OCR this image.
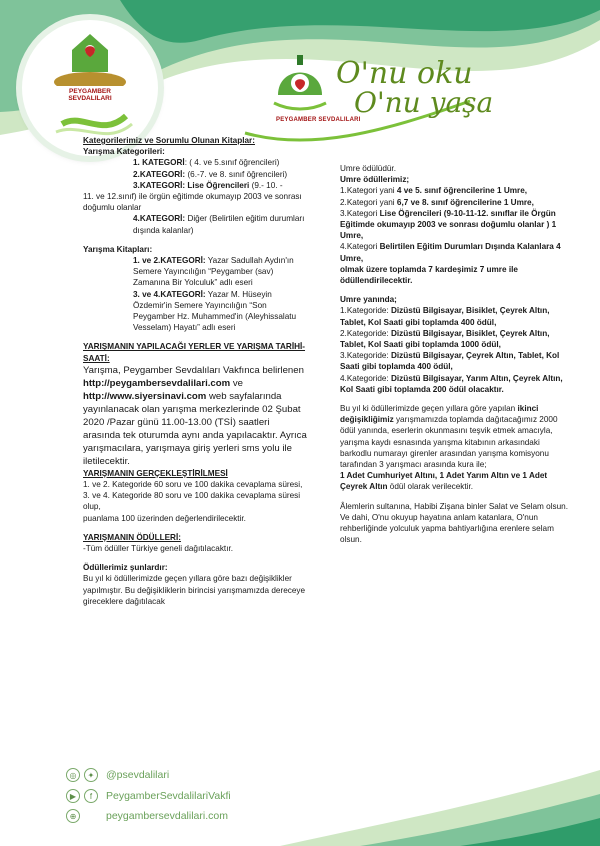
PEYGAMBER SEVDALILARI
PEYGAMBER SEVDALILARI
O'nu oku
O'nu yaşa

Kategorilerimiz ve Sorumlu Olunan Kitaplar:

Yarışma Kategorileri:

1. KATEGORİ: ( 4. ve 5.sınıf öğrencileri)

2.KATEGORİ: (6.-7. ve 8. sınıf öğrencileri)

3.KATEGORİ: Lise Öğrencileri (9.- 10. -

11. ve 12.sınıf) ile örgün eğitimde okumayıp 2003 ve sonrası doğumlu olanlar

4.KATEGORİ: Diğer (Belirtilen eğitim durumları dışında kalanlar)

Yarışma Kitapları:

1. ve 2.KATEGORİ: Yazar Sadullah Aydın'ın Semere Yayıncılığın “Peygamber (sav) Zamanına Bir Yolculuk” adlı eseri

3. ve 4.KATEGORİ: Yazar M. Hüseyin Özdemir'in Semere Yayıncılığın “Son Peygamber Hz. Muhammed'in (Aleyhissalatu Vesselam) Hayatı” adlı eseri

YARIŞMANIN YAPILACAĞI YERLER VE YARIŞMA TARİHİ-SAATİ:

Yarışma, Peygamber Sevdalıları Vakfınca belirlenen http://peygambersevdalilari.com ve http://www.siyersinavi.com web sayfalarında yayınlanacak olan yarışma merkezlerinde 02 Şubat 2020 /Pazar günü 11.00-13.00 (TSİ) saatleri arasında tek oturumda aynı anda yapılacaktır. Ayrıca yarışmacılara, yarışmaya giriş yerleri sms yolu ile iletilecektir.

YARIŞMANIN GERÇEKLEŞTİRİLMESİ

1. ve 2. Kategoride 60 soru ve 100 dakika cevaplama süresi,

3. ve 4. Kategoride 80 soru ve 100 dakika cevaplama süresi olup,

puanlama 100 üzerinden değerlendirilecektir.

YARIŞMANIN ÖDÜLLERİ:

-Tüm ödüller Türkiye geneli dağıtılacaktır.

Ödüllerimiz şunlardır:

Bu yıl ki ödüllerimizde geçen yıllara göre bazı değişiklikler yapılmıştır. Bu değişikliklerin birincisi yarışmamızda dereceye gireceklere dağıtılacak

Umre ödülüdür.

Umre ödüllerimiz;

1.Kategori yani 4 ve 5. sınıf öğrencilerine 1 Umre,

2.Kategori yani 6,7 ve 8. sınıf öğrencilerine 1 Umre,

3.Kategori Lise Öğrencileri (9-10-11-12. sınıflar ile Örgün Eğitimde okumayıp 2003 ve sonrası doğumlu olanlar ) 1 Umre,

4.Kategori Belirtilen Eğitim Durumları Dışında Kalanlara 4 Umre,

olmak üzere toplamda 7 kardeşimiz 7 umre ile ödüllendirilecektir.

Umre yanında;

1.Kategoride: Dizüstü Bilgisayar, Bisiklet, Çeyrek Altın, Tablet, Kol Saati gibi toplamda 400 ödül,

2.Kategoride: Dizüstü Bilgisayar, Bisiklet, Çeyrek Altın, Tablet, Kol Saati gibi toplamda 1000 ödül,

3.Kategoride: Dizüstü Bilgisayar, Çeyrek Altın, Tablet, Kol Saati gibi toplamda 400 ödül,

4.Kategoride: Dizüstü Bilgisayar, Yarım Altın, Çeyrek Altın, Kol Saati gibi toplamda 200 ödül olacaktır.

Bu yıl ki ödüllerimizde geçen yıllara göre yapılan ikinci değişikliğimiz yarışmamızda toplamda dağıtacağımız 2000 ödül yanında, eserlerin okunmasını teşvik etmek amacıyla, yarışma kaydı esnasında yarışma kitabının arkasındaki barkodlu numarayı girenler arasından yarışma komisyonu tarafından 3 yarışmacı arasında kura ile;

1 Adet Cumhuriyet Altını, 1 Adet Yarım Altın ve 1 Adet Çeyrek Altın ödül olarak verilecektir.

Âlemlerin sultanına, Habibi Zişana binler Salat ve Selam olsun.

Ve dahi, O'nu okuyup hayatına anlam katanlara, O'nun rehberliğinde yolculuk yapma bahtiyarlığına erenlere selam olsun.

◎	✦	@psevdalilari
▶	f	PeygamberSevdalilariVakfi
⊕	peygambersevdalilari.com
